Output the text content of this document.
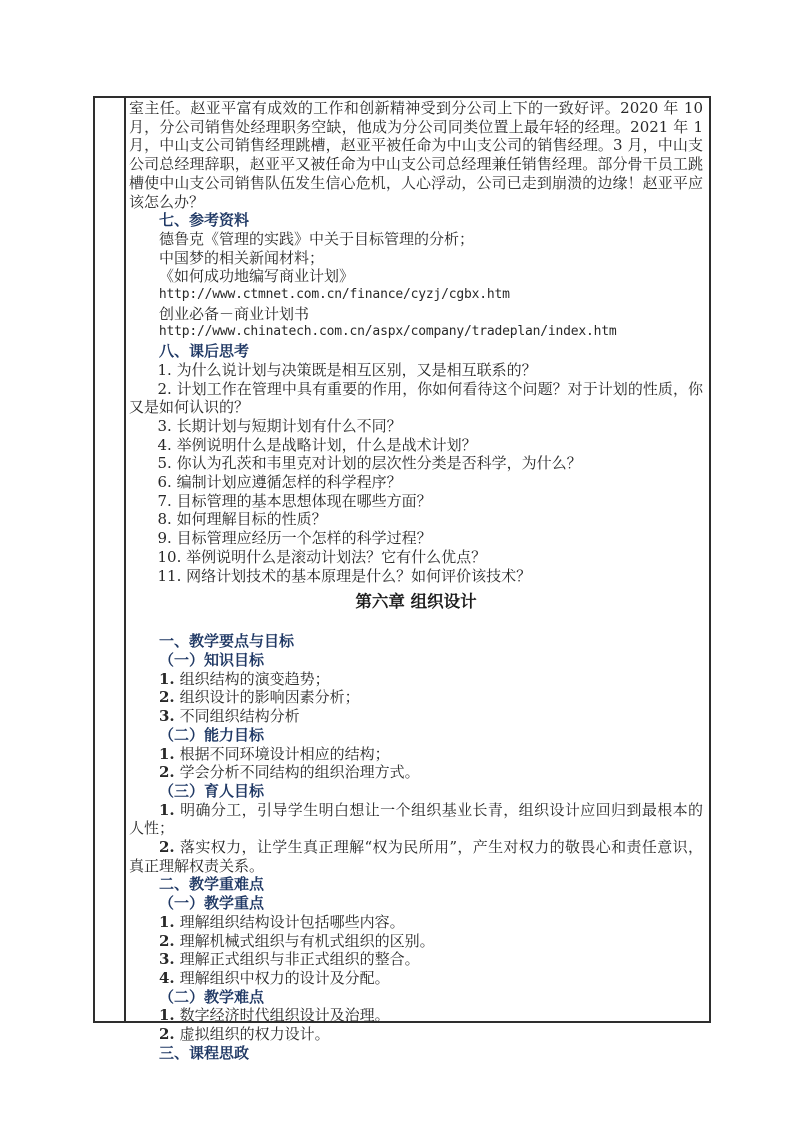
室主任。赵亚平富有成效的工作和创新精神受到分公司上下的一致好评。2020 年 10 月，分公司销售处经理职务空缺，他成为分公司同类位置上最年轻的经理。2021 年 1 月，中山支公司销售经理跳槽，赵亚平被任命为中山支公司的销售经理。3 月，中山支公司总经理辞职，赵亚平又被任命为中山支公司总经理兼任销售经理。部分骨干员工跳槽使中山支公司销售队伍发生信心危机，人心浮动，公司已走到崩溃的边缘！赵亚平应该怎么办？

七、参考资料

德鲁克《管理的实践》中关于目标管理的分析；

中国梦的相关新闻材料；

《如何成功地编写商业计划》

http://www.ctmnet.com.cn/finance/cyzj/cgbx.htm

创业必备－商业计划书

http://www.chinatech.com.cn/aspx/company/tradeplan/index.htm

八、课后思考

1. 为什么说计划与决策既是相互区别，又是相互联系的？

2. 计划工作在管理中具有重要的作用，你如何看待这个问题？对于计划的性质，你又是如何认识的？

3. 长期计划与短期计划有什么不同？

4. 举例说明什么是战略计划，什么是战术计划？

5. 你认为孔茨和韦里克对计划的层次性分类是否科学，为什么？

6. 编制计划应遵循怎样的科学程序？

7. 目标管理的基本思想体现在哪些方面？

8. 如何理解目标的性质？

9. 目标管理应经历一个怎样的科学过程？

10. 举例说明什么是滚动计划法？它有什么优点？

11. 网络计划技术的基本原理是什么？如何评价该技术？

第六章 组织设计

一、教学要点与目标

（一）知识目标

1. 组织结构的演变趋势；

2. 组织设计的影响因素分析；

3. 不同组织结构分析

（二）能力目标

1. 根据不同环境设计相应的结构；

2. 学会分析不同结构的组织治理方式。

（三）育人目标

1. 明确分工，引导学生明白想让一个组织基业长青，组织设计应回归到最根本的人性；

2. 落实权力，让学生真正理解“权为民所用”，产生对权力的敬畏心和责任意识，真正理解权责关系。

二、教学重难点

（一）教学重点

1. 理解组织结构设计包括哪些内容。

2. 理解机械式组织与有机式组织的区别。

3. 理解正式组织与非正式组织的整合。

4. 理解组织中权力的设计及分配。

（二）教学难点

1. 数字经济时代组织设计及治理。

2. 虚拟组织的权力设计。

三、课程思政
